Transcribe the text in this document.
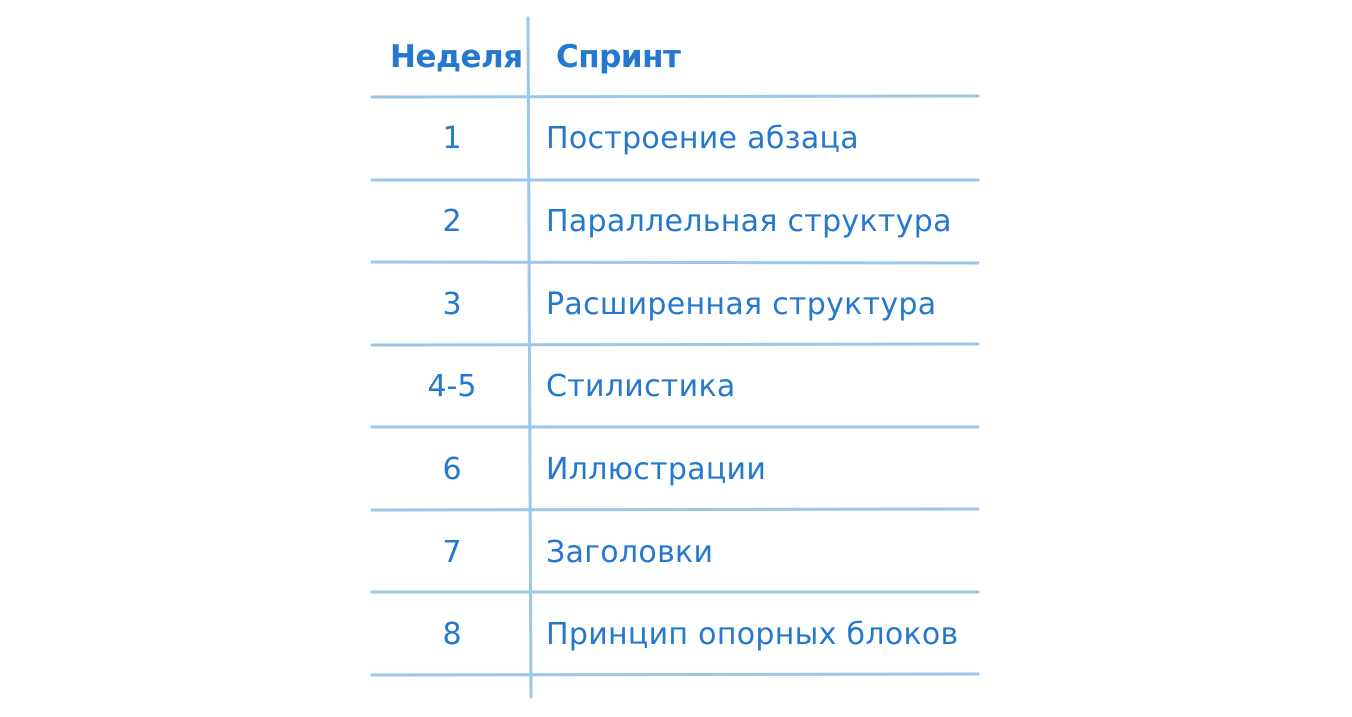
Неделя Спринт
1	Построение абзаца
2	Параллельная структура
3	Расширенная структура
4-5	Стилистика
6	Иллюстрации
7	Заголовки
8	Принцип опорных блоков
